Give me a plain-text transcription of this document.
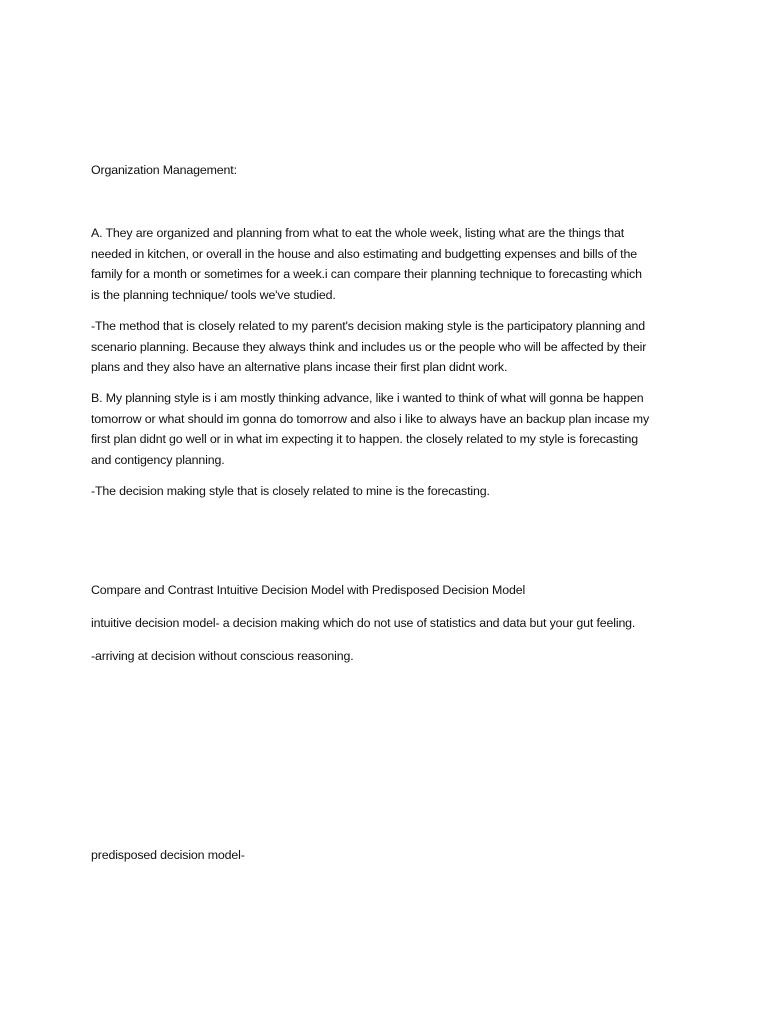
Organization Management:

A. They are organized and planning from what to eat the whole week, listing what are the things that
needed in kitchen, or overall in the house and also estimating and budgetting expenses and bills of the
family for a month or sometimes for a week.i can compare their planning technique to forecasting which
is the planning technique/ tools we've studied.

-The method that is closely related to my parent's decision making style is the participatory planning and
scenario planning. Because they always think and includes us or the people who will be affected by their
plans and they also have an alternative plans incase their first plan didnt work.

B. My planning style is i am mostly thinking advance, like i wanted to think of what will gonna be happen
tomorrow or what should im gonna do tomorrow and also i like to always have an backup plan incase my
first plan didnt go well or in what im expecting it to happen. the closely related to my style is forecasting
and contigency planning.

-The decision making style that is closely related to mine is the forecasting.

Compare and Contrast Intuitive Decision Model with Predisposed Decision Model

intuitive decision model- a decision making which do not use of statistics and data but your gut feeling.

-arriving at decision without conscious reasoning.

predisposed decision model-
